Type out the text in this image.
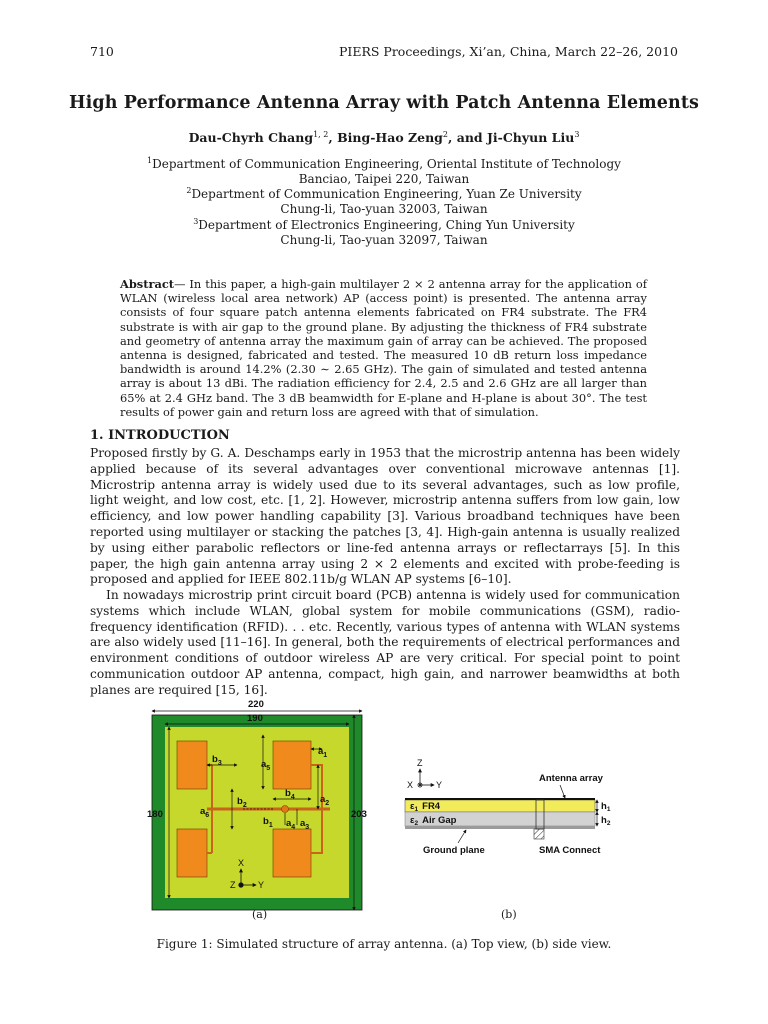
710	PIERS Proceedings, Xi’an, China, March 22–26, 2010
High Performance Antenna Array with Patch Antenna Elements
Dau-Chyrh Chang$^{1, 2}$, Bing-Hao Zeng$^2$, and Ji-Chyun Liu$^3$
$^1$Department of Communication Engineering, Oriental Institute of Technology
Banciao, Taipei 220, Taiwan
$^2$Department of Communication Engineering, Yuan Ze University
Chung-li, Tao-yuan 32003, Taiwan
$^3$Department of Electronics Engineering, Ching Yun University
Chung-li, Tao-yuan 32097, Taiwan
Abstract— In this paper, a high-gain multilayer 2 × 2 antenna array for the application of WLAN (wireless local area network) AP (access point) is presented. The antenna array consists of four square patch antenna elements fabricated on FR4 substrate. The FR4 substrate is with air gap to the ground plane. By adjusting the thickness of FR4 substrate and geometry of antenna array the maximum gain of array can be achieved. The proposed antenna is designed, fabricated and tested. The measured 10 dB return loss impedance bandwidth is around 14.2% (2.30 ∼ 2.65 GHz). The gain of simulated and tested antenna array is about 13 dBi. The radiation efficiency for 2.4, 2.5 and 2.6 GHz are all larger than 65% at 2.4 GHz band. The 3 dB beamwidth for E-plane and H-plane is about 30°. The test results of power gain and return loss are agreed with that of simulation.
1. INTRODUCTION
Proposed firstly by G. A. Deschamps early in 1953 that the microstrip antenna has been widely applied because of its several advantages over conventional microwave antennas [1]. Microstrip antenna array is widely used due to its several advantages, such as low profile, light weight, and low cost, etc. [1, 2]. However, microstrip antenna suffers from low gain, low efficiency, and low power handling capability [3]. Various broadband techniques have been reported using multilayer or stacking the patches [3, 4]. High-gain antenna is usually realized by using either parabolic reflectors or line-fed antenna arrays or reflectarrays [5]. In this paper, the high gain antenna array using 2 × 2 elements and excited with probe-feeding is proposed and applied for IEEE 802.11b/g WLAN AP systems [6–10].
In nowadays microstrip print circuit board (PCB) antenna is widely used for communication systems which include WLAN, global system for mobile communications (GSM), radio-frequency identification (RFID). . . etc. Recently, various types of antenna with WLAN systems are also widely used [11–16]. In general, both the requirements of electrical performances and environment conditions of outdoor wireless AP are very critical. For special point to point communication outdoor AP antenna, compact, high gain, and narrower beamwidths at both planes are required [15, 16].
220
190
180	203
$b_3$	$a_5$
$a_1$
$a_6$
$b_2$
$b_4$	$a_2$
$b_1$ $a_4$ $a_3$
X
Y
Z
Z
X	Y
Antenna array
$\varepsilon_1$ FR4
$\varepsilon_2$ Air Gap
$h_1$
$h_2$
Ground plane	SMA Connect
(a)	(b)
Figure 1: Simulated structure of array antenna. (a) Top view, (b) side view.
